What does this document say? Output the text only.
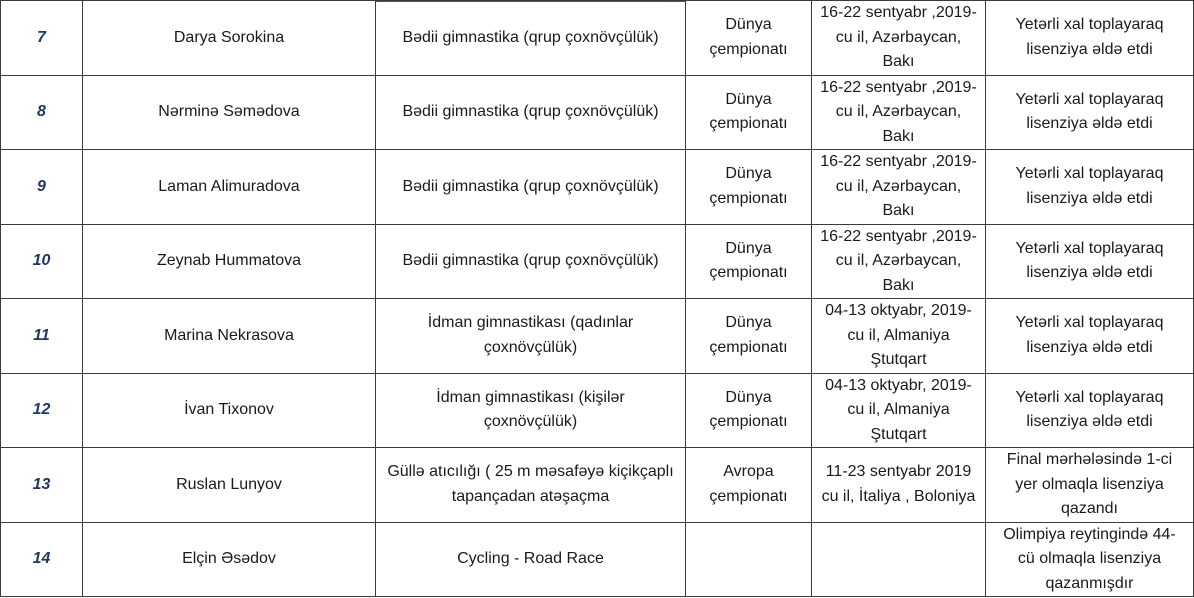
7	Darya Sorokina	Bədii gimnastika (qrup çoxnövçülük)	Dünya
çempionatı	16-22 sentyabr ,2019-
cu il, Azərbaycan,
Bakı	Yetərli xal toplayaraq
lisenziya əldə etdi
8	Nərminə Səmədova	Bədii gimnastika (qrup çoxnövçülük)	Dünya
çempionatı	16-22 sentyabr ,2019-
cu il, Azərbaycan,
Bakı	Yetərli xal toplayaraq
lisenziya əldə etdi
9	Laman Alimuradova	Bədii gimnastika (qrup çoxnövçülük)	Dünya
çempionatı	16-22 sentyabr ,2019-
cu il, Azərbaycan,
Bakı	Yetərli xal toplayaraq
lisenziya əldə etdi
10	Zeynab Hummatova	Bədii gimnastika (qrup çoxnövçülük)	Dünya
çempionatı	16-22 sentyabr ,2019-
cu il, Azərbaycan,
Bakı	Yetərli xal toplayaraq
lisenziya əldə etdi
11	Marina Nekrasova	İdman gimnastikası (qadınlar
çoxnövçülük)	Dünya
çempionatı	04-13 oktyabr, 2019-
cu il, Almaniya
Ştutqart	Yetərli xal toplayaraq
lisenziya əldə etdi
12	İvan Tixonov	İdman gimnastikası (kişilər
çoxnövçülük)	Dünya
çempionatı	04-13 oktyabr, 2019-
cu il, Almaniya
Ştutqart	Yetərli xal toplayaraq
lisenziya əldə etdi
13	Ruslan Lunyov	Güllə atıcılığı ( 25 m məsafəyə kiçikçaplı
tapançadan atəşaçma	Avropa
çempionatı	11-23 sentyabr 2019
cu il, İtaliya , Boloniya	Final mərhələsində 1-ci
yer olmaqla lisenziya
qazandı
14	Elçin Əsədov	Cycling - Road Race			Olimpiya reytingində 44-
cü olmaqla lisenziya
qazanmışdır
